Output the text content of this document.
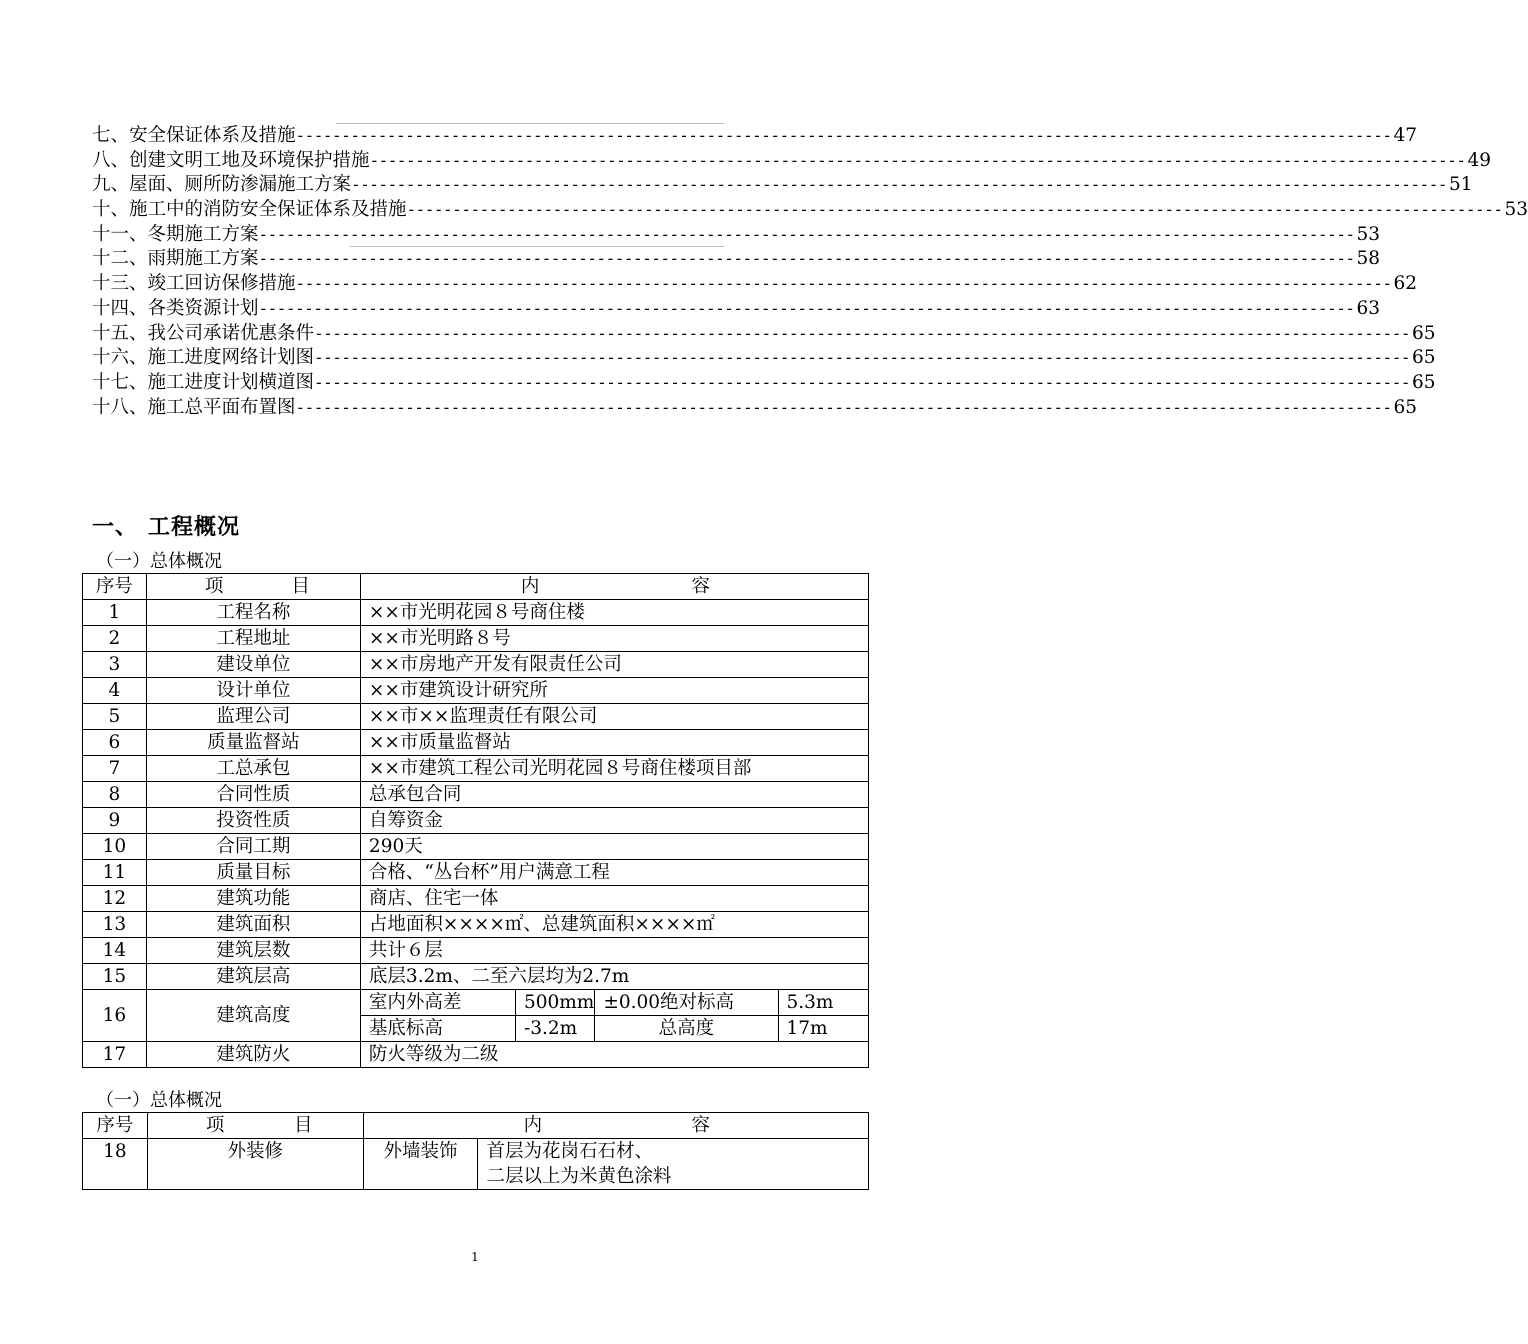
七、安全保证体系及措施 ------------------------------------------------------------------------------------------------------------------------ 47
八、创建文明工地及环境保护措施 ------------------------------------------------------------------------------------------------------------------------ 49
九、屋面、厕所防渗漏施工方案 ------------------------------------------------------------------------------------------------------------------------ 51
十、施工中的消防安全保证体系及措施 ------------------------------------------------------------------------------------------------------------------------ 53
十一、冬期施工方案 ------------------------------------------------------------------------------------------------------------------------ 53
十二、雨期施工方案 ------------------------------------------------------------------------------------------------------------------------ 58
十三、竣工回访保修措施 ------------------------------------------------------------------------------------------------------------------------ 62
十四、各类资源计划 ------------------------------------------------------------------------------------------------------------------------ 63
十五、我公司承诺优惠条件 ------------------------------------------------------------------------------------------------------------------------ 65
十六、施工进度网络计划图 ------------------------------------------------------------------------------------------------------------------------ 65
十七、施工进度计划横道图 ------------------------------------------------------------------------------------------------------------------------ 65
十八、施工总平面布置图 ------------------------------------------------------------------------------------------------------------------------ 65
一、 工程概况
（一）总体概况
序号	项 目	内 容			

1	工程名称	××市光明花园８号商住楼			
2	工程地址	××市光明路８号			
3	建设单位	××市房地产开发有限责任公司			
4	设计单位	××市建筑设计研究所			
5	监理公司	××市××监理责任有限公司			
6	质量监督站	××市质量监督站			
7	工总承包	××市建筑工程公司光明花园８号商住楼项目部			
8	合同性质	总承包合同			
9	投资性质	自筹资金			
10	合同工期	290天			
11	质量目标	合格、“丛台杯”用户满意工程			
12	建筑功能	商店、住宅一体			
13	建筑面积	占地面积××××㎡、总建筑面积××××㎡			
14	建筑层数	共计６层			
15	建筑层高	底层3.2m、二至六层均为2.7m			
16	建筑高度	室内外高差	500mm	±0.00绝对标高	5.3m
		基底标高	-3.2m	总高度	17m
17	建筑防火	防火等级为二级			
（一）总体概况
序号	项 目	内 容	

18	外装修	外墙装饰	首层为花岗石石材、
二层以上为米黄色涂料
1
